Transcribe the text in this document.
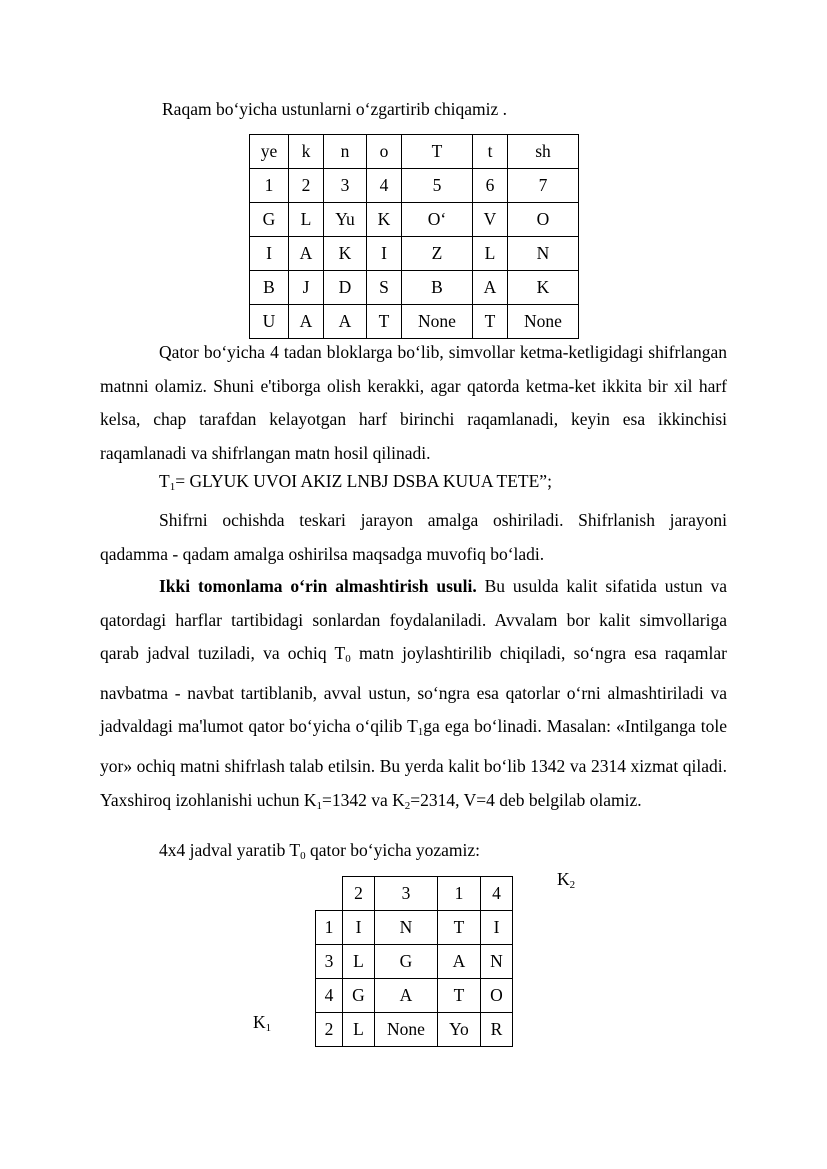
Raqam bo‘yicha ustunlarni o‘zgartirib chiqamiz .
ye	k	n	o	T	t	sh
1	2	3	4	5	6	7
G	L	Yu	K	O‘	V	O
I	A	K	I	Z	L	N
B	J	D	S	B	A	K
U	A	A	T	None	T	None
Qator bo‘yicha 4 tadan bloklarga bo‘lib, simvollar ketma-ketligidagi shifrlangan matnni olamiz. Shuni e'tiborga olish kerakki, agar qatorda ketma-ket ikkita bir xil harf kelsa, chap tarafdan kelayotgan harf birinchi raqamlanadi, keyin esa ikkinchisi raqamlanadi va shifrlangan matn hosil qilinadi.
$T_1=$ GLYUK UVOI AKIZ LNBJ DSBA KUUA TETE”;
Shifrni ochishda teskari jarayon amalga oshiriladi. Shifrlanish jarayoni qadamma - qadam amalga oshirilsa maqsadga muvofiq bo‘ladi.
Ikki tomonlama o‘rin almashtirish usuli. Bu usulda kalit sifatida ustun va qatordagi harflar tartibidagi sonlardan foydalaniladi. Avvalam bor kalit simvollariga qarab jadval tuziladi, va ochiq $T_0$ matn joylashtirilib chiqiladi, so‘ngra esa raqamlar navbatma - navbat tartiblanib, avval ustun, so‘ngra esa qatorlar o‘rni almashtiriladi va jadvaldagi ma'lumot qator bo‘yicha o‘qilib $T_1ga$ ega bo‘linadi. Masalan: «Intilganga tole yor» ochiq matni shifrlash talab etilsin. Bu yerda kalit bo‘lib 1342 va 2314 xizmat qiladi. Yaxshiroq izohlanishi uchun $K_1=1342$ va $K_2=2314$, V=4 deb belgilab olamiz.
4x4 jadval yaratib $T_0$ qator bo‘yicha yozamiz:
$K_2$
$K_1$
	2	3	1	4
1	I	N	T	I
3	L	G	A	N
4	G	A	T	O
2	L	None	Yo	R
